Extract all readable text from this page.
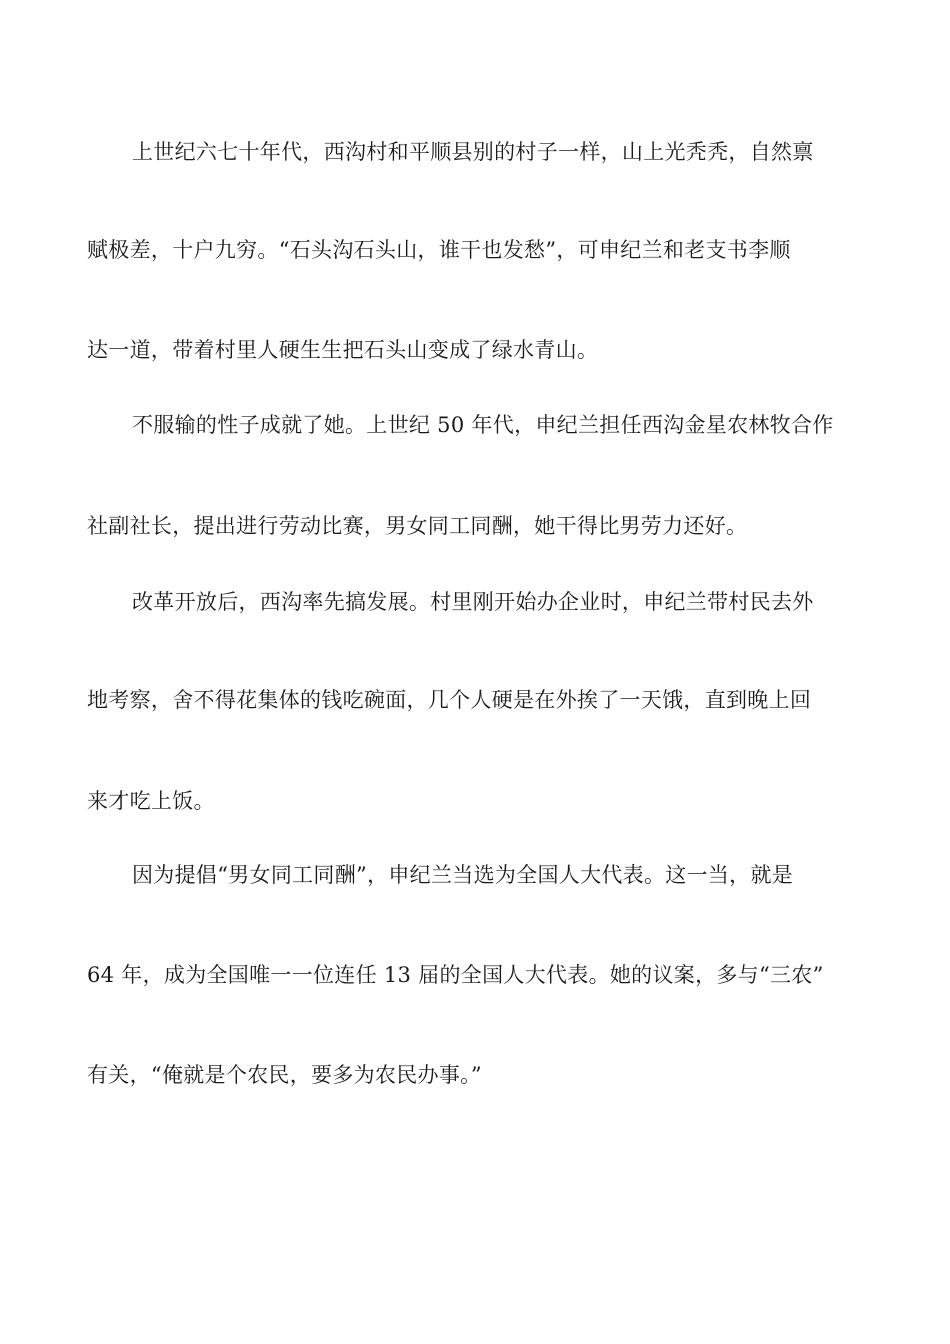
上世纪六七十年代，西沟村和平顺县别的村子一样，山上光秃秃，自然禀
赋极差，十户九穷。“石头沟石头山，谁干也发愁”，可申纪兰和老支书李顺
达一道，带着村里人硬生生把石头山变成了绿水青山。
不服输的性子成就了她。上世纪 50 年代，申纪兰担任西沟金星农林牧合作
社副社长，提出进行劳动比赛，男女同工同酬，她干得比男劳力还好。
改革开放后，西沟率先搞发展。村里刚开始办企业时，申纪兰带村民去外
地考察，舍不得花集体的钱吃碗面，几个人硬是在外挨了一天饿，直到晚上回
来才吃上饭。
因为提倡“男女同工同酬”，申纪兰当选为全国人大代表。这一当，就是
64 年，成为全国唯一一位连任 13 届的全国人大代表。她的议案，多与“三农”
有关，“俺就是个农民，要多为农民办事。”
